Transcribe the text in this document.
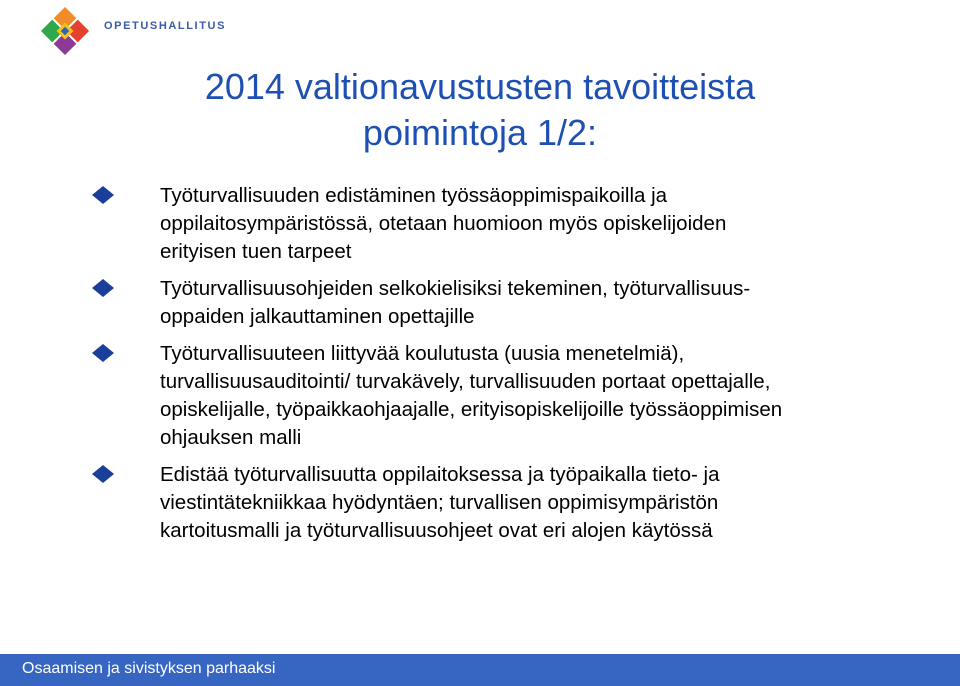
OPETUSHALLITUS
2014 valtionavustusten tavoitteista
poimintoja 1/2:
Työturvallisuuden edistäminen työssäoppimispaikoilla ja
oppilaitosympäristössä, otetaan huomioon myös opiskelijoiden
erityisen tuen tarpeet
Työturvallisuusohjeiden selkokielisiksi tekeminen, työturvallisuus-
oppaiden jalkauttaminen opettajille
Työturvallisuuteen liittyvää koulutusta (uusia menetelmiä),
turvallisuusauditointi/ turvakävely, turvallisuuden portaat opettajalle,
opiskelijalle, työpaikkaohjaajalle, erityisopiskelijoille työssäoppimisen
ohjauksen malli
Edistää työturvallisuutta oppilaitoksessa ja työpaikalla tieto- ja
viestintätekniikkaa hyödyntäen; turvallisen oppimisympäristön
kartoitusmalli ja työturvallisuusohjeet ovat eri alojen käytössä
Osaamisen ja sivistyksen parhaaksi
